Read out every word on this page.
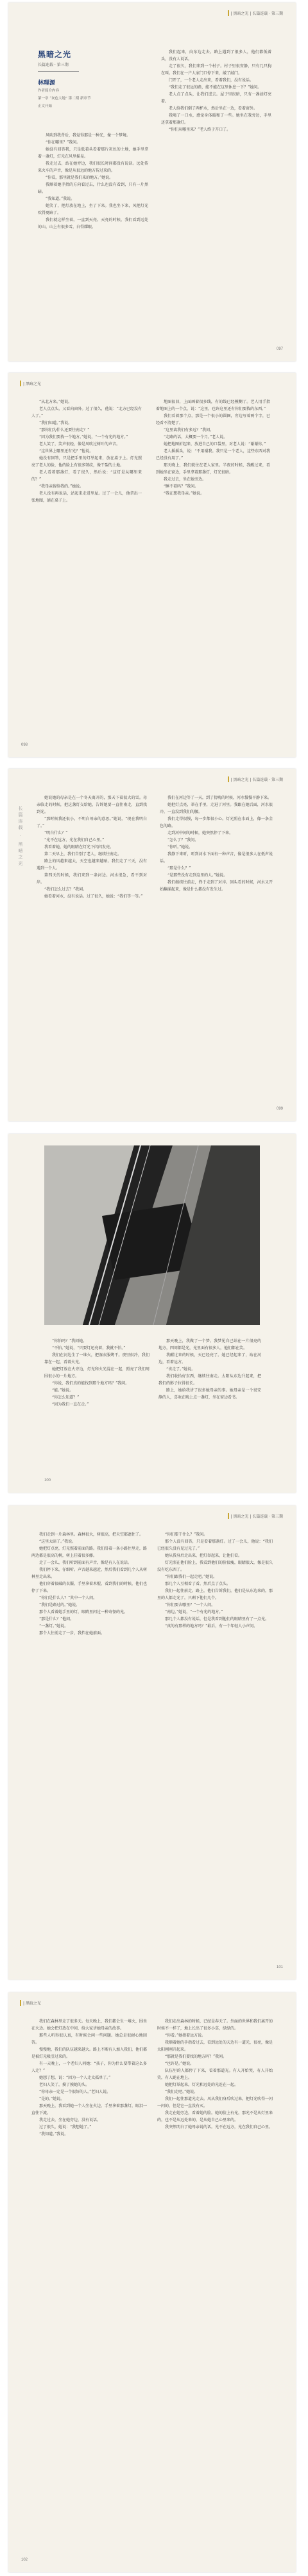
| 黑暗之光 | 长篇连载 · 第三期
黑暗之光
长篇连载 · 第三期
林理源
作者简介内容
第一章 “灰色大地” 第二期 新章节
正文开始

风吹到我背后，我觉得那是一种光，像一个梦境。

“你在哪里？”我问。

她没有回答我，只是低着头看着那片灰色的土地，她手里拿着一盏灯，灯光在风里摇晃。

我走过去，站在她旁边，我们很长时间都没有说话。远处传来火车的声音，像是从很远的地方传过来的。

“你看，那里就是我们来的地方。”她说。

我顺着她手指的方向看过去，什么也没有看到，只有一片黑暗。

“我知道。”我说。

她笑了，把灯放在地上，坐了下来。我也坐下来，风把灯光吹得更暗了。

我们就这样坐着，一直到天亮。天亮的时候，我们看到远处的山，山上有很多雪，白得耀眼。

我们起来，向东边走去。路上遇到了很多人，他们都低着头，没有人说话。

走了很久，我们来到一个村子。村子里很安静，只有几只狗在叫。我们在一户人家门口停下来，敲了敲门。

门开了，一个老人走出来，看着我们，没有说话。

“我们走了很远的路，能不能在这里休息一下？”她问。

老人点了点头，让我们进去。屋子里很暗，只有一盏油灯亮着。

老人给我们倒了两杯水，然后坐在一边，看着窗外。

我喝了一口水，感觉身体暖和了一些。她坐在我旁边，手里还拿着那盏灯。

“你们从哪里来？”老人终于开口了。

097
| 黑暗之光

“从北方来。”她说。

老人点点头，又看向窗外。过了很久，他说：“北方已经没有人了。”

“我们知道。”我说。

“那你们为什么还要往南走？”

“因为我们要找一个地方。”她说，“一个有光的地方。”

老人笑了，笑声很轻，像是风吹过树叶的声音。

“这世界上哪里还有光？”他说。

她没有回答，只是把手里的灯举起来，放在桌子上。灯光照亮了老人的脸，他的脸上有很多皱纹，像干裂的土地。

老人看着那盏灯，看了很久，然后说：“这灯是从哪里来的？”

“我母亲留给我的。”她说。

老人没有再说话，站起来走进里屋。过了一会儿，他拿出一张地图，铺在桌子上。

地图很旧，上面画着很多线，有的线已经模糊了。老人用手指着地图上的一个点，说：“这里，也许这里还有你们要找的东西。”

我们看着那个点，那是一个很小的圆圈，旁边写着两个字，已经看不清楚了。

“这里离我们有多远？”我问。

“走路的话，大概要一个月。”老人说。

她把地图折起来，放进自己的口袋里，对老人说：“谢谢你。”

老人摇摇头，说：“不用谢我。我只是一个老人，这些东西对我已经没有用了。”

那天晚上，我们就住在老人家里。半夜的时候，我醒过来，看到她坐在窗边，手里拿着那盏灯，灯光很暗。

我走过去，坐在她旁边。

“睡不着吗？”我问。

“我在想我母亲。”她说。

098
| 黑暗之光 | 长篇连载 · 第三期
长篇连载 · 黑暗之光

她说她的母亲是在一个冬天离开的，那天下着很大的雪。母亲临走的时候，把这盏灯交给她，告诉她要一直往南走，直到找到光。

“那时候我还很小，不明白母亲的意思。”她说，“现在我明白了。”

“明白什么？”

“光不在远方，光在我们自己心里。”

我看着她，她的眼睛在灯光下闪闪发亮。

第二天早上，我们告别了老人，继续往南走。

路上的风越来越大，天空也越来越暗。我们走了三天，没有遇到一个人。

第四天的时候，我们来到一条河边。河水很急，看不到对岸。

“我们怎么过去？”我问。

她看着河水，没有说话。过了很久，她说：“我们等一等。”

我们在河边等了一天，到了傍晚的时候，河水慢慢平静下来。

她把灯点亮，举在手里，走进了河里。我跟在她后面，河水很冷，一直没到我们的腰。

我们走得很慢，每一步都很小心。灯光照在水面上，像一条金色的路。

走到河中间的时候，她突然停了下来。

“怎么了？”我问。

“你听。”她说。

我静下来听，听到河水下面有一种声音，像是很多人在低声说话。

“那是什么？”

“是那些没有走到这里的人。”她说。

我们继续往前走，终于走到了对岸。回头看的时候，河水又开始翻涌起来，像是什么都没有发生过。

099

“你怕吗？”我问她。

“不怕。”她说，“只要灯还亮着，我就不怕。”

我们在河边生了一堆火，把湿衣服烤干。夜里很冷，我们靠在一起，看着火光。

她把灯放在火旁边，灯光和火光混在一起，照亮了我们周围很小的一片地方。

“你说，我们真的能找到那个地方吗？”我问。

“能。”她说。

“你怎么知道？”

“因为我们一直在走。”

那天晚上，我做了一个梦。我梦见自己站在一片很亮的地方，四周都是光，光里面有很多人，他们都在笑。

我醒过来的时候，天已经亮了。她已经起来了，站在河边，看着远方。

“该走了。”她说。

我们收拾好东西，继续往南走。太阳从东边升起来，把我们的影子拉得很长。

路上，她给我讲了很多她母亲的事。她母亲是一个很安静的人，喜欢在晚上点一盏灯，坐在窗边看书。

100
| 黑暗之光 | 长篇连载 · 第三期

我们走到一片森林里。森林很大，树很高，把天空都遮住了。

“这里太暗了。”我说。

她把灯点亮，灯光照着前面的路。我们沿着一条小路往里走，路两边都是很高的树，树上挂着很多藤。

走了一会儿，我们听到前面有声音，像是有人在说话。

我们停下来，仔细听。声音越来越近，然后我们看到几个人从树林里走出来。

他们穿着很破的衣服，手里拿着木棍，看到我们的时候，他们也停了下来。

“你们是什么人？”其中一个人问。

“我们是路过的。”她说。

那个人看着她手里的灯，眼睛里闪过一种奇怪的光。

“那是什么？”他问。

“一盏灯。”她说。

那个人往前走了一步，我挡在她前面。

“你们要干什么？”我问。

那个人没有回答，只是看着那盏灯。过了一会儿，他说：“我们已经很久没有见过光了。”

她从我身后走出来，把灯举起来，让他们看。

灯光照在他们脸上，我看到他们的脸很瘦，眼睛很大，像是很久没有吃东西了。

“你们跟我们一起走吧。”她说。

那几个人互相看了看，然后点了点头。

我们一起往前走。路上，他们告诉我们，他们是从东边来的，那里的人都走光了，只剩下他们几个。

“你们要去哪里？”一个人问。

“南边。”她说，“一个有光的地方。”

那几个人都没有说话，但是我看到他们的眼睛里有了一点光。

“真的有那样的地方吗？”最后，有一个年轻人小声问。

101
| 黑暗之光

我们在森林里走了很多天。每天晚上，我们都会生一堆火，围坐在火边。她会把灯放在中间，给大家讲她母亲的故事。

那些人听得很认真，有时候会问一些问题。她总是很耐心地回答。

慢慢地，我们的队伍越来越大。路上不断有人加入我们，他们都是被灯光吸引过来的。

有一天晚上，一个老妇人问她：“孩子，你为什么要带着这么多人走？”

她想了想，说：“因为一个人走太孤单了。”

老妇人笑了，摸了摸她的头。

“你母亲一定是一个很好的人。”老妇人说。

“是的。”她说。

那天晚上，我看到她一个人坐在火边，手里拿着那盏灯，眼泪一直往下流。

我走过去，坐在她旁边，没有说话。

过了很久，她说：“我想她了。”

“我知道。”我说。

我们走出森林的时候，已经是春天了。外面的世界和我们离开的时候不一样了，地上长出了很多小草，绿绿的。

“你看。”她指着远方说。

我顺着她的手指看过去，看到远处的天边有一道光，很亮，像是太阳刚刚升起来。

“那就是我们要找的地方吗？”我问。

“也许是。”她说。

队伍里的人都停了下来，看着那道光。有人开始哭，有人开始笑，有人跪在地上。

她把灯举起来，灯光和远处的光连在一起。

“我们走吧。”她说。

我们一起往那道光走去。风从我们身后吹过来，把灯光吹得一闪一闪的，但是它一直没有灭。

我走在她旁边，看着她的脸。她的脸上有光，那光不是从灯里来的，也不是从远处来的，是从她自己心里来的。

我突然明白了她母亲说的话。光不在远方，光在我们自己心里。

102
